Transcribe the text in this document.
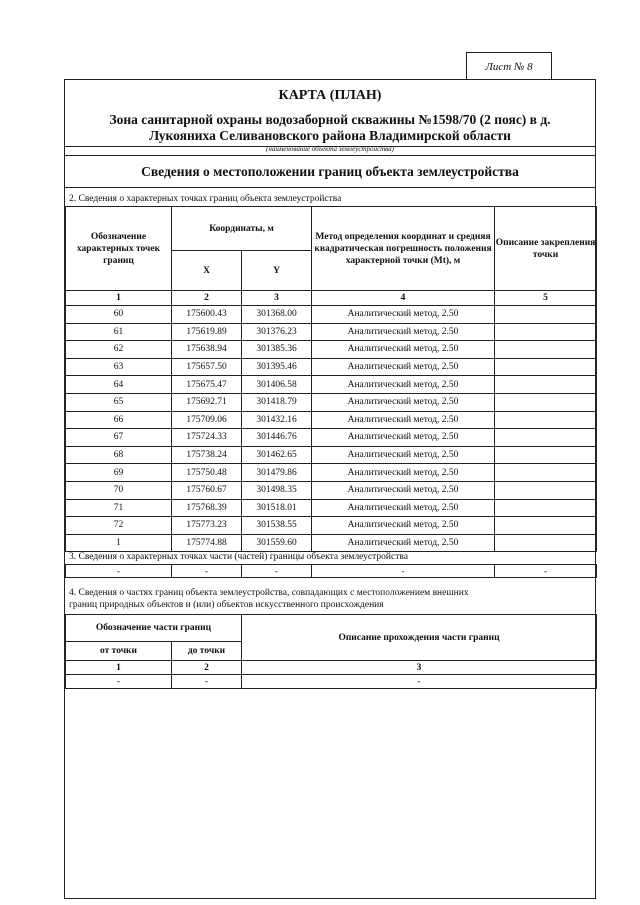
Лист № 8
КАРТА (ПЛАН)
Зона санитарной охраны водозаборной скважины №1598/70 (2 пояс) в д.
Лукояниха Селивановского района Владимирской области
(наименование объекта землеустройства)
Сведения о местоположении границ объекта землеустройства
2. Сведения о характерных точках границ объекта землеустройства
Обозначение характерных точек границ	Координаты, м		Метод определения координат и средняя квадратическая погрешность положения характерной точки (Mt), м	Описание закрепления точки
	X	Y		
1	2	3	4	5
60	175600.43	301368.00	Аналитический метод, 2.50	
61	175619.89	301376.23	Аналитический метод, 2.50	
62	175638.94	301385.36	Аналитический метод, 2.50	
63	175657.50	301395.46	Аналитический метод, 2.50	
64	175675.47	301406.58	Аналитический метод, 2.50	
65	175692.71	301418.79	Аналитический метод, 2.50	
66	175709.06	301432.16	Аналитический метод, 2.50	
67	175724.33	301446.76	Аналитический метод, 2.50	
68	175738.24	301462.65	Аналитический метод, 2.50	
69	175750.48	301479.86	Аналитический метод, 2.50	
70	175760.67	301498.35	Аналитический метод, 2.50	
71	175768.39	301518.01	Аналитический метод, 2.50	
72	175773.23	301538.55	Аналитический метод, 2.50	
1	175774.88	301559.60	Аналитический метод, 2.50	
3. Сведения о характерных точках части (частей) границы объекта землеустройства
-	-	-	-	-
4. Сведения о частях границ объекта землеустройства, совпадающих с местоположением внешних
границ природных объектов и (или) объектов искусственного происхождения
Обозначение части границ		Описание прохождения части границ
от точки	до точки	
1	2	3
-	-	-
